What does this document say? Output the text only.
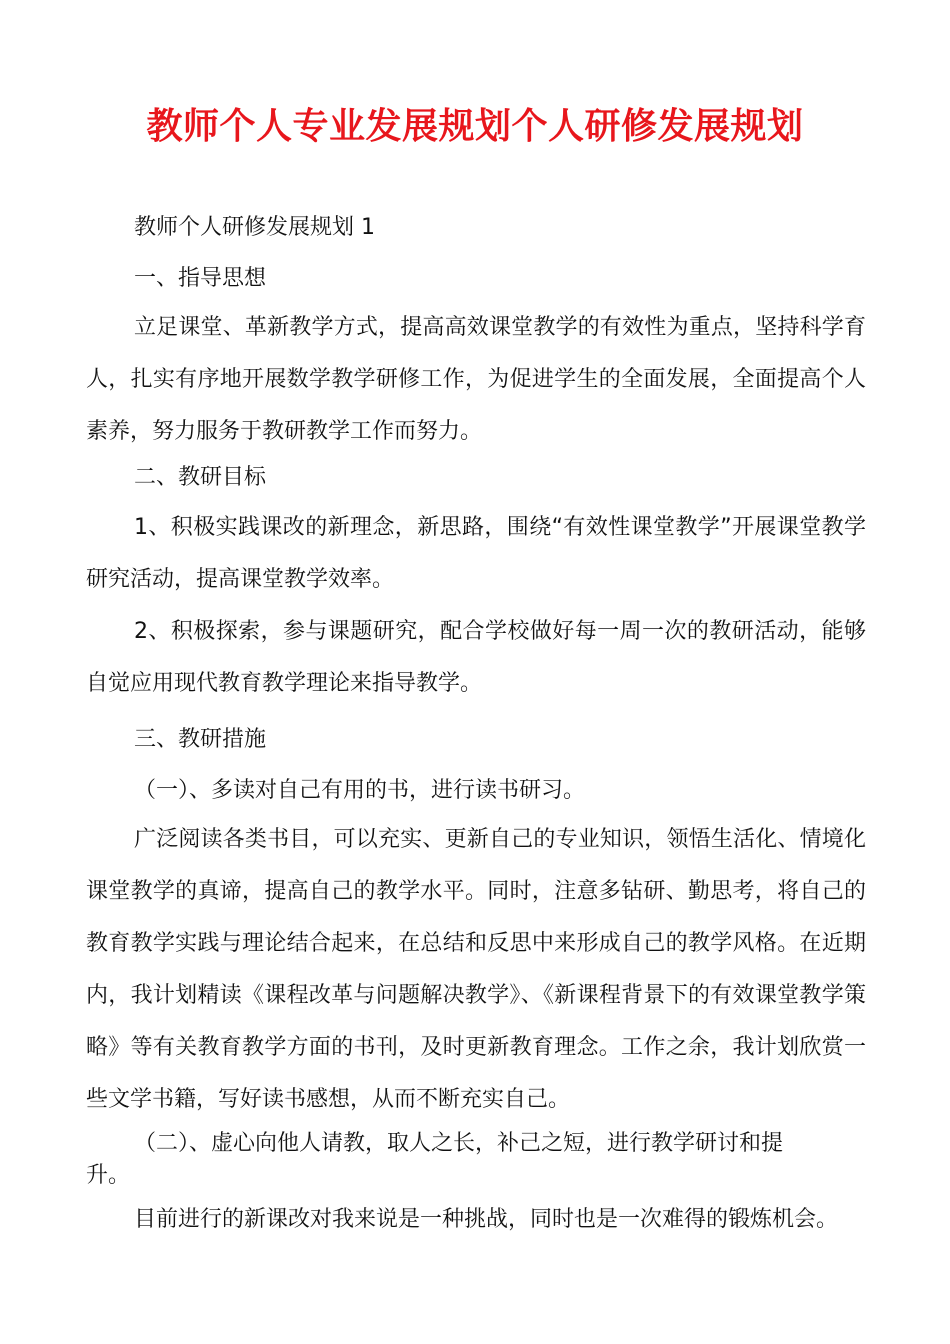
教师个人专业发展规划个人研修发展规划
教师个人研修发展规划 1
一、指导思想
立足课堂、革新教学方式，提高高效课堂教学的有效性为重点，坚持科学育人，扎实有序地开展数学教学研修工作，为促进学生的全面发展，全面提高个人素养，努力服务于教研教学工作而努力。
二、教研目标
1、积极实践课改的新理念，新思路，围绕“有效性课堂教学”开展课堂教学研究活动，提高课堂教学效率。
2、积极探索，参与课题研究，配合学校做好每一周一次的教研活动，能够自觉应用现代教育教学理论来指导教学。
三、教研措施
（一）、多读对自己有用的书，进行读书研习。
广泛阅读各类书目，可以充实、更新自己的专业知识，领悟生活化、情境化课堂教学的真谛，提高自己的教学水平。同时，注意多钻研、勤思考，将自己的教育教学实践与理论结合起来，在总结和反思中来形成自己的教学风格。在近期内，我计划精读《课程改革与问题解决教学》、《新课程背景下的有效课堂教学策略》等有关教育教学方面的书刊，及时更新教育理念。工作之余，我计划欣赏一些文学书籍，写好读书感想，从而不断充实自己。
（二）、虚心向他人请教，取人之长，补己之短，进行教学研讨和提
升。
目前进行的新课改对我来说是一种挑战，同时也是一次难得的锻炼机会。
